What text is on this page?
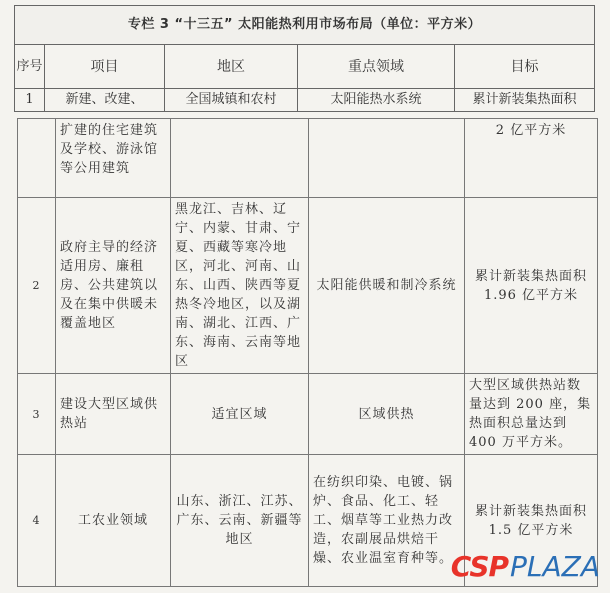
专栏 3 “十三五” 太阳能热利用市场布局（单位：平方米）				
序号	项目	地区	重点领域	目标
1	新建、改建、	全国城镇和农村	太阳能热水系统	累计新装集热面积
	扩建的住宅建筑及学校、游泳馆等公用建筑			2 亿平方米
2	政府主导的经济适用房、廉租房、公共建筑以及在集中供暖未覆盖地区	黑龙江、吉林、辽宁、内蒙、甘肃、宁夏、西藏等寒冷地区，河北、河南、山东、山西、陕西等夏热冬冷地区，以及湖南、湖北、江西、广东、海南、云南等地区	太阳能供暖和制冷系统	累计新装集热面积 1.96 亿平方米
3	建设大型区域供热站	适宜区域	区域供热	大型区域供热站数量达到 200 座，集热面积总量达到 400 万平方米。
4	工农业领域	山东、浙江、江苏、广东、云南、新疆等地区	在纺织印染、电镀、锅炉、食品、化工、轻工、烟草等工业热力改造，农副展品烘焙干燥、农业温室育种等。	累计新装集热面积 1.5 亿平方米
CSP PLAZA
